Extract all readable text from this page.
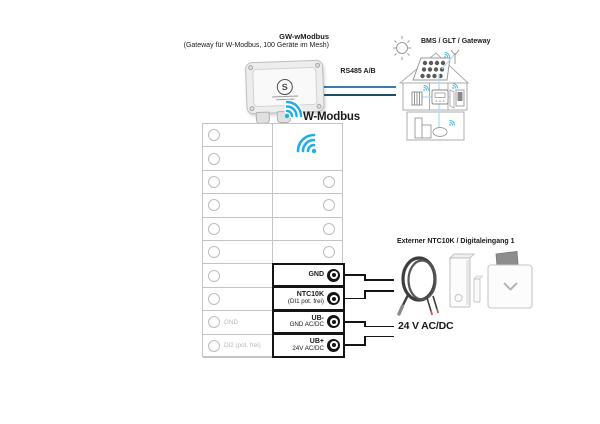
GW-wModbus
(Gateway für W-Modbus, 100 Geräte im Mesh)
RS485 A/B
S
W-Modbus
BMS / GLT / Gateway
GND
DI2 (pot. frei)
GND
NTC10K
(DI1 pot. frei)
UB-
GND AC/DC
UB+
24V AC/DC
Externer NTC10K / Digitaleingang 1
24 V AC/DC
